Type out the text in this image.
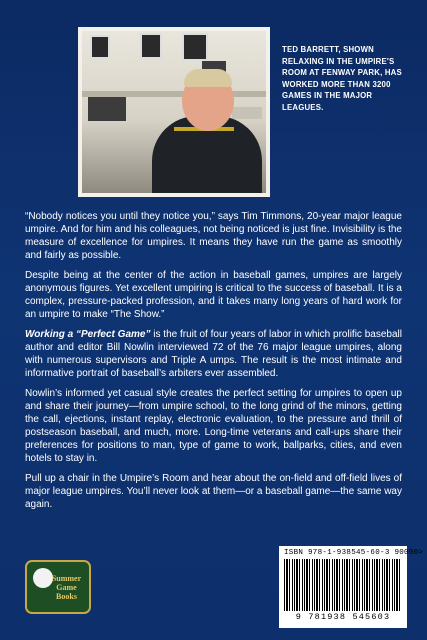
TED BARRETT, SHOWN RELAXING IN THE UMPIRE'S ROOM AT FENWAY PARK, HAS WORKED MORE THAN 3200 GAMES IN THE MAJOR LEAGUES.

“Nobody notices you until they notice you,” says Tim Timmons, 20-year major league umpire. And for him and his colleagues, not being noticed is just fine. Invisibility is the measure of excellence for umpires. It means they have run the game as smoothly and fairly as possible.

Despite being at the center of the action in baseball games, umpires are largely anonymous figures. Yet excellent umpiring is critical to the success of baseball. It is a complex, pressure-packed profession, and it takes many long years of hard work for an umpire to make “The Show.”

Working a “Perfect Game” is the fruit of four years of labor in which prolific baseball author and editor Bill Nowlin interviewed 72 of the 76 major league umpires, along with numerous supervisors and Triple A umps. The result is the most intimate and informative portrait of baseball’s arbiters ever assembled.

Nowlin’s informed yet casual style creates the perfect setting for umpires to open up and share their journey—from umpire school, to the long grind of the minors, getting the call, ejections, instant replay, electronic evaluation, to the pressure and thrill of postseason baseball, and much, more. Long-time veterans and call-ups share their preferences for positions to man, type of game to work, ballparks, cities, and even hotels to stay in.

Pull up a chair in the Umpire’s Room and hear about the on-field and off-field lives of major league umpires. You’ll never look at them—or a baseball game—the same way again.

Summer Game Books
ISBN 978-1-938545-60-3 90000>
9 781938 545603
